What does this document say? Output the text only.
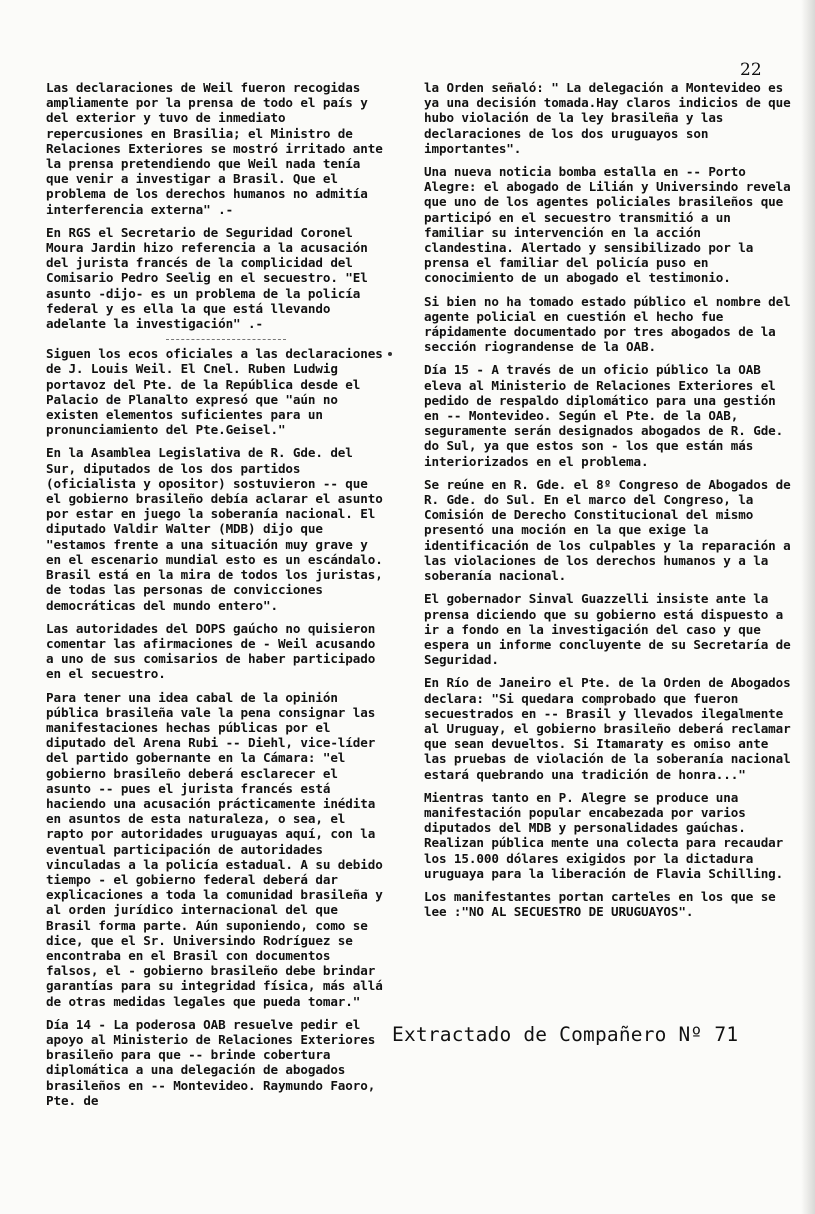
22

Las declaraciones de Weil fueron recogidas ampliamente por la prensa de todo el país y del exterior y tuvo de inmediato repercusiones en Brasilia; el Ministro de Relaciones Exteriores se mostró irritado ante la prensa pretendiendo que Weil nada tenía que venir a investigar a Brasil. Que el problema de los derechos humanos no admitía interferencia externa" .-

En RGS el Secretario de Seguridad Coronel Moura Jardin hizo referencia a la acusación del jurista francés de la complicidad del Comisario Pedro Seelig en el secuestro. "El asunto -dijo- es un problema de la policía federal y es ella la que está llevando adelante la investigación" .-

Siguen los ecos oficiales a las declaraciones de J. Louis Weil. El Cnel. Ruben Ludwig portavoz del Pte. de la República desde el Palacio de Planalto expresó que "aún no existen elementos suficientes para un pronunciamiento del Pte.Geisel."

En la Asamblea Legislativa de R. Gde. del Sur, diputados de los dos partidos (oficialista y opositor) sostuvieron -- que el gobierno brasileño debía aclarar el asunto por estar en juego la soberanía nacional. El diputado Valdir Walter (MDB) dijo que "estamos frente a una situación muy grave y en el escenario mundial esto es un escándalo. Brasil está en la mira de todos los juristas, de todas las personas de convicciones democráticas del mundo entero".

Las autoridades del DOPS gaúcho no quisieron comentar las afirmaciones de - Weil acusando a uno de sus comisarios de haber participado en el secuestro.

Para tener una idea cabal de la opinión pública brasileña vale la pena consignar las manifestaciones hechas públicas por el diputado del Arena Rubi -- Diehl, vice-líder del partido gobernante en la Cámara: "el gobierno brasileño deberá esclarecer el asunto -- pues el jurista francés está haciendo una acusación prácticamente inédita en asuntos de esta naturaleza, o sea, el rapto por autoridades uruguayas aquí, con la eventual participación de autoridades vinculadas a la policía estadual. A su debido tiempo - el gobierno federal deberá dar explicaciones a toda la comunidad brasileña y al orden jurídico internacional del que Brasil forma parte. Aún suponiendo, como se dice, que el Sr. Universindo Rodríguez se encontraba en el Brasil con documentos falsos, el - gobierno brasileño debe brindar garantías para su integridad física, más allá de otras medidas legales que pueda tomar."

Día 14 - La poderosa OAB resuelve pedir el apoyo al Ministerio de Relaciones Exteriores brasileño para que -- brinde cobertura diplomática a una delegación de abogados brasileños en -- Montevideo. Raymundo Faoro, Pte. de

la Orden señaló: " La delegación a Montevideo es ya una decisión tomada.Hay claros indicios de que hubo violación de la ley brasileña y las declaraciones de los dos uruguayos son importantes".

Una nueva noticia bomba estalla en -- Porto Alegre: el abogado de Lilián y Universindo revela que uno de los agentes policiales brasileños que participó en el secuestro transmitió a un familiar su intervención en la acción clandestina. Alertado y sensibilizado por la prensa el familiar del policía puso en conocimiento de un abogado el testimonio.

Si bien no ha tomado estado público el nombre del agente policial en cuestión el hecho fue rápidamente documentado por tres abogados de la sección riograndense de la OAB.

Día 15 - A través de un oficio público la OAB eleva al Ministerio de Relaciones Exteriores el pedido de respaldo diplomático para una gestión en -- Montevideo. Según el Pte. de la OAB, seguramente serán designados abogados de R. Gde. do Sul, ya que estos son - los que están más interiorizados en el problema.

Se reúne en R. Gde. el 8º Congreso de Abogados de R. Gde. do Sul. En el marco del Congreso, la Comisión de Derecho Constitucional del mismo presentó una moción en la que exige la identificación de los culpables y la reparación a las violaciones de los derechos humanos y a la soberanía nacional.

El gobernador Sinval Guazzelli insiste ante la prensa diciendo que su gobierno está dispuesto a ir a fondo en la investigación del caso y que espera un informe concluyente de su Secretaría de Seguridad.

En Río de Janeiro el Pte. de la Orden de Abogados declara: "Si quedara comprobado que fueron secuestrados en -- Brasil y llevados ilegalmente al Uruguay, el gobierno brasileño deberá reclamar que sean devueltos. Si Itamaraty es omiso ante las pruebas de violación de la soberanía nacional estará quebrando una tradición de honra..."

Mientras tanto en P. Alegre se produce una manifestación popular encabezada por varios diputados del MDB y personalidades gaúchas. Realizan pública mente una colecta para recaudar los 15.000 dólares exigidos por la dictadura uruguaya para la liberación de Flavia Schilling.

Los manifestantes portan carteles en los que se lee :"NO AL SECUESTRO DE URUGUAYOS".

Extractado de Compañero Nº 71
